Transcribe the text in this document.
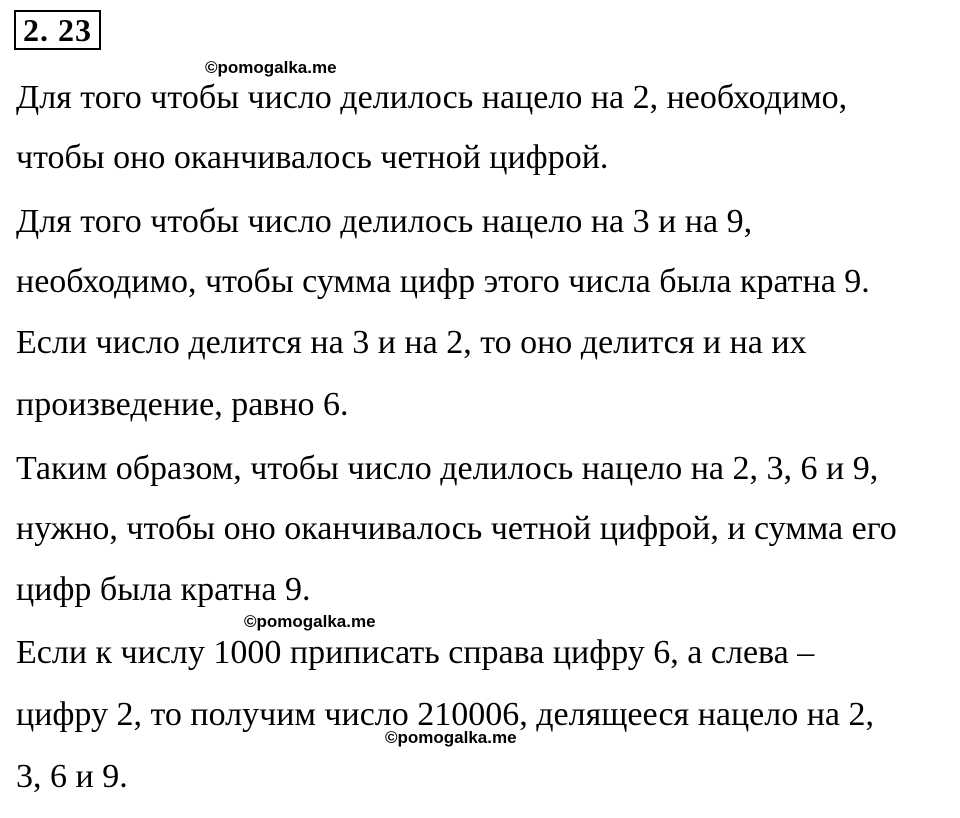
2. 23
©pomogalka.me
Для того чтобы число делилось нацело на 2, необходимо,
чтобы оно оканчивалось четной цифрой.
Для того чтобы число делилось нацело на 3 и на 9,
необходимо, чтобы сумма цифр этого числа была кратна 9.
Если число делится на 3 и на 2, то оно делится и на их
произведение, равно 6.
Таким образом, чтобы число делилось нацело на 2, 3, 6 и 9,
нужно, чтобы оно оканчивалось четной цифрой, и сумма его
цифр была кратна 9.
©pomogalka.me
Если к числу 1000 приписать справа цифру 6, а слева –
цифру 2, то получим число 210006, делящееся нацело на 2,
©pomogalka.me
3, 6 и 9.
